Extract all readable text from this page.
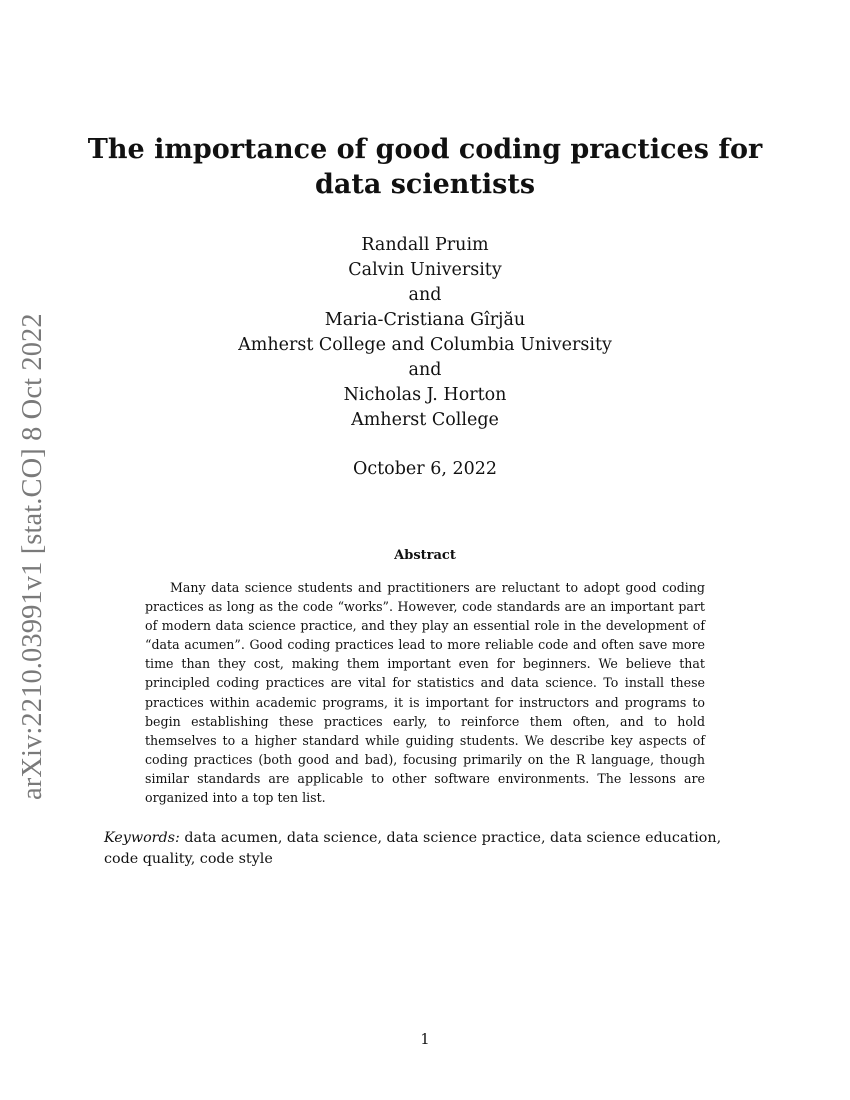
arXiv:2210.03991v1 [stat.CO] 8 Oct 2022
The importance of good coding practices for
data scientists
Randall Pruim
Calvin University
and
Maria-Cristiana Gîrjău
Amherst College and Columbia University
and
Nicholas J. Horton
Amherst College
October 6, 2022
Abstract

Many data science students and practitioners are reluctant to adopt good coding practices as long as the code “works”. However, code standards are an important part of modern data science practice, and they play an essential role in the development of “data acumen”. Good coding practices lead to more reliable code and often save more time than they cost, making them important even for beginners. We believe that principled coding practices are vital for statistics and data science. To install these practices within academic programs, it is important for instructors and programs to begin establishing these practices early, to reinforce them often, and to hold themselves to a higher standard while guiding students. We describe key aspects of coding practices (both good and bad), focusing primarily on the R language, though similar standards are applicable to other software environments. The lessons are organized into a top ten list.

Keywords: data acumen, data science, data science practice, data science education, code quality, code style

1
